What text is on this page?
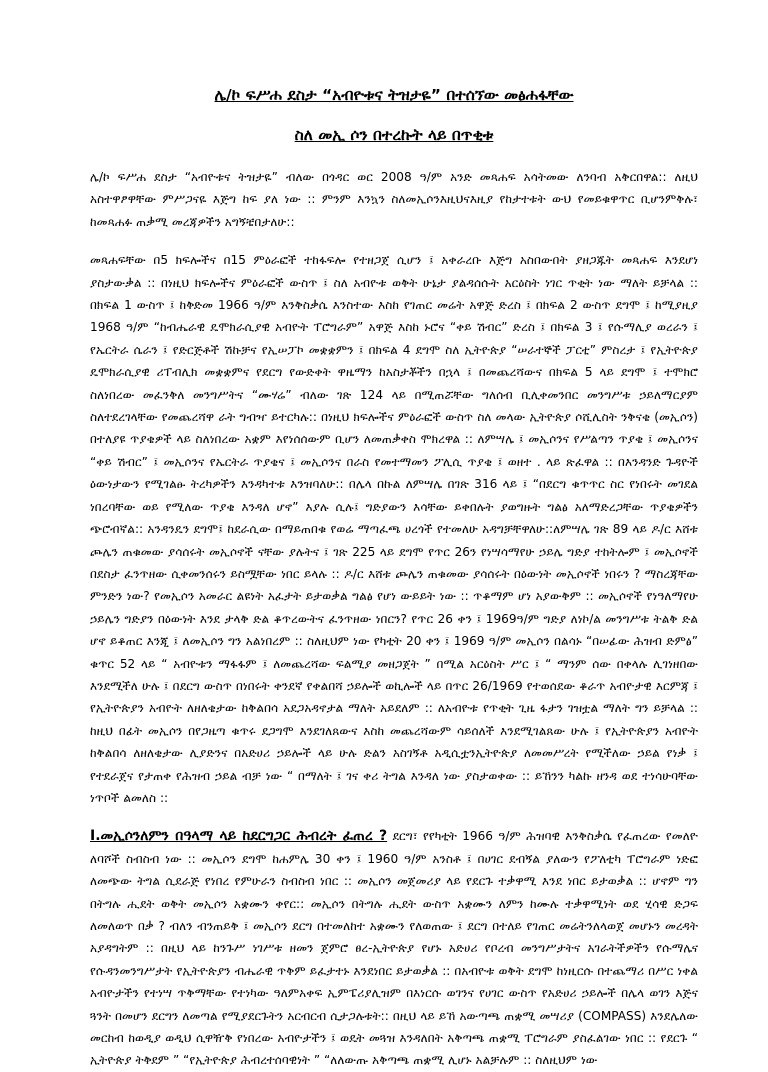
ሌ/ኮ ፍሥሐ ደስታ “አብዮቱና ትዝታዬ” በተሰኘው መፅሐፋቸው
ስለ መኢ ሶን በተረኩት ላይ በጥቂቱ

ሌ/ኮ ፍሥሐ ደስታ “አብዮቱና ትዝታዬ” ብለው በጎዳር ወር 2008 ዓ/ም አንድ መጻሐፍ አሳትመው ለንባብ አቅርበዋል:: ለዚህ አስተዋፆዋቸው ምሥጋናዬ እጅግ ከፍ ያለ ነው :: ምንም እንኳን ስለመኢሶንእዚህናእዚያ የከታተቱት ውህ የመይቁዋጥር ቢሆንምቅሉ፣ ከመጻሐፉ ጠቃሚ መረጃዎችን አግኝቼበታለሁ::

መጻሐፍቸው በ5 ክፍሎችና በ15 ምዕራፎች ተከፋፍሎ የተዘጋጀ ሲሆን ፤ አቀራረቡ እጅግ አስበውበት ያዘጋጁት መጻሐፍ እንደሆነ ያስታውቃል :: በነዚህ ክፍሎችና ምዕራፎች ውስጥ ፤ ስለ አብዮቱ ወቅት ሁኔታ ያልዳሰሱት አርዕስት ነገር ጥቂት ነው ማለት ይቻላል :: በክፍል 1 ውስጥ ፤ ከቅድመ 1966 ዓ/ም እንቅስቃሴ እንስተው እስከ የገጠር መሬት አዋጅ ድረስ ፤ በክፍል 2 ውስጥ ደግሞ ፤ ከሚያዚያ 1968 ዓ/ም “ከብሔራዊ ዴሞክራሲያዊ አብዮት ፐሮግራም” አዋጅ እስከ ኑሮና “ቀይ ሽብር” ድረስ ፤ በክፍል 3 ፤ የሱማሊያ ወረራን ፤ የኤርትራ ሴራን ፤ የድርጅቶች ሽኩቻና የኢሠፓኮ መቋቋምን ፤ በክፍል 4 ደግሞ ስለ ኢትዮጵያ “ሠራተኞች ፓርቲ” ምስረታ ፤ የኢትዮጵያ ዴሞክራሲያዊ ሪፐብሊክ መቋቋምና የደርግ የውድቀት ዋዜማን ከአስታቾችን በኋላ ፤ በመጨረሻውና በክፍል 5 ላይ ደግሞ ፤ ተሞክሮ ስለነበረው መፈንቅለ መንግሥትና “ሙሃሬ” ብለው ገጽ 124 ላይ በሚጠሯቸው ግለሰብ ቢሊቀመንበር መንግሥቱ ኃይለማርያም ስለተደረገላቸው የመጨረሻዋ ራት ግብዣ ይተርካሉ:: በነዚህ ክፍሎችና ምዕራፎች ውስጥ ስለ መላው ኢትዮጵያ ሶሺሊስት ንቅናቄ (መኢሶን) በተለያዩ ጥያቄዎች ላይ ስለነበረው አቋም እየነሰሰውም ቢሆን ለመጠቃቀስ ሞክረዋል :: ለምሣሌ ፤ መኢሶንና የሥልጣን ጥያቄ ፤ መኢሶንና “ቀይ ሽብር” ፤ መኢሶንና የኤርትራ ጥያቄና ፤ መኢሶንና በራስ የመተማመን ፖሊሲ ጥያቄ ፤ ወዘተ . ላይ ጽፈዋል :: በእንዳንድ ጉዳዮች ዕውነታውን የሚገልፁ ትረካዎችን እንዳካተቱ እንዝባለሁ:: በሌላ በኩል ለምሣሌ በገጽ 316 ላይ ፤ “በደርግ ቁጥጥር ስር የነበሩት መገደል ነበረባቸው ወይ የሚለው ጥያቄ እንዳለ ሆኖ” እያሉ ሲሉ፤ ግድያውን እሳቸው ይቀበሉት ያወግዙት ግልፅ አለማድረጋቸው ጥያቄዎችን ጭሮብኛል:: አንዳንዴን ደግሞ፤ ከደራሲው በማይጠበቁ የወሬ ማጣፈጫ ሀረጎች የተመለሁ አዳግቻቸዋለሁ::ለምሣሌ ገጽ 89 ላይ ዶ/ር እሸቱ ጮሌን ጠቁመው ያሳሰሩት መኢሶኖች ናቸው ያሉትና ፤ ገጽ 225 ላይ ደግሞ የጥር 26ን የነሣሳማየሁ ኃይሌ ግድያ ተከትሎም ፤ መኢሶኖች በደስታ ፈንጥዘው ሲቀመንሰሩን ይስሟቸው ነበር ይላሉ :: ዶ/ር እሸቱ ጮሌን ጠቁመው ያሳሰሩት በዕውነት መኢሶኖች ነበሩን ? ማስረጃቸው ምንድን ነው? የመኢሶን አመራር ልዩነት አፈታት ይታወቃል ግልፅ የሆነ ውይይት ነው :: ጥቆማም ሆነ አያውቅም :: መኢሶኖች የነዓለማየሁ ኃይሌን ግድያን በዕውነት እንደ ታላቅ ድል ቆጥረውትና ፈንጥዘው ነበርን? የጥር 26 ቀን ፤ 1969ዓ/ም ግድያ ለነኮ/ል መንግሥቱ ትልቅ ድል ሆኖ ይቆጠር እንጂ ፤ ለመኢሶን ግን አልነበረም :: ስለዚህም ነው የካቲት 20 ቀን ፤ 1969 ዓ/ም መኢሶን በልሳኑ “በሠፊው ሕዝብ ድምፅ” ቁጥር 52 ላይ “ አብዮቱን ማፋፋም ፤ ለመጨረሻው ፍልሚያ መዘጋጀት ” በሚል አርዕስት ሥር ፤ “ ማንም ሰው በቀላሉ ሊገነዘበው እንደሚችለ ሁሉ ፤ በደርግ ውስጥ በነበሩት ቀንደኛ የቀልበሻ ኃይሎች ወኪሎች ላይ በጥር 26/1969 የተወሰደው ቆራጥ አብዮታዊ እርምጃ ፤ የኢትዮጵያን አብዮት ለዘለቄታው ከቅልበሳ አደጋአዳኖታል ማለት አይደለም :: ለአብዮቱ የጥቂት ጊዜ ፋታን ገዝቷል ማለት ግን ይቻላል :: ከዚህ በፊት መኢሶን በየጋዜጣ ቁጥሩ ደጋግሞ እንደገለጸውና እስከ መጨረሻውም ሳይሰለች እንደሚገልጸው ሁሉ ፤ የኢትዮጵያን አብዮት ከቅልበሳ ለዘለቄታው ሊያድንና በአድሀሪ ኃይሎች ላይ ሁሉ ድልን አስገኝቶ አዲሲቷንኢትዮጵያ ለመመሥረት የሚችለው ኃይል የነቃ ፤ የተደራጀና የታጠቀ የሕዝብ ኃይል ብቻ ነው “ በማለት ፤ ገና ቀሪ ትግል እንዳለ ነው ያስታወቀው :: ይኸንን ካልኩ ዘንዳ ወደ ተነሳሁባቸው ነጥቦች ልመለስ ::

I.መኢሶንለምን በዓላማ ላይ ከደርግጋር ሕብረት ፈጠረ ? ደርግ፣ የየካቲት 1966 ዓ/ም ሕዝባዊ እንቅስቃሴ የፈጠረው የመለዮ ለባሾች ስብስብ ነው :: መኢሶን ደግሞ ከሐምሌ 30 ቀን ፤ 1960 ዓ/ም አንስቶ ፤ በሀገር ደብኝል ያለውን የፖለቲካ ፐሮግራም ነድፎ ለመጭው ትግል ሲደራጅ የነበረ የምሁራን ስብስብ ነበር :: መኢሶን መጀመሪያ ላይ የደርጉ ተቃዋሚ እንደ ነበር ይታወቃል :: ሆኖም ግን በትግሉ ሒደት ወቅት መኢሶን አቋሙን ቀየር:: መኢሶን በትግሉ ሒደት ውስጥ አቋሙን ለምን ከሙሉ ተቃዋሚነት ወደ ሂሳዊ ድጋፍ ለመለወጥ በቃ ? ብለን ብንጠይቅ ፤ መኢሶን ደርግ በተመለከተ አቋሙን የለወጠው ፤ ደርግ በተለይ የገጠር መሬትንለላወጀ መሆኑን መረዳት አያዳግትም :: በዚህ ላይ ከንጉሥ ነገሥቱ ዘመን ጀምሮ ፀረ-ኢትዮጵያ የሆኑ አድሀሪ የቦረብ መንግሥታትና አገራትችዎችን የሱማሌና የሱዳንመንግሥታት የኢትዮጵያን ብሔራዊ ጥቅም ይፈታተኑ እንደነበር ይታወቃል :: በአብዮቱ ወቅት ደግሞ ከነዚርሱ በተጨማሪ በሥር ነቀል አብዮታችን የተነሣ ጥቅማቸው የተነካው ዓለምአቀፍ ኢምፔሪያሊዝም በእነርሱ ወገንና የሀገር ውስጥ የአድሀሪ ኃይሎች በሌላ ወገን እጅና ጓንት በመሆን ደርግን ለመጣል የሚያደርጉትን አርብርብ ሲታጋሉቱት:: በዚህ ላይ ይኸ አውጣጫ ጠቋሚ መሣሪያ (COMPASS) እንደሌለው መርከብ ከወዲያ ወዲህ ሲዋዥቅ የነበረው አብዮታችን ፤ ወዴት መጓዝ እንዳለበት አቅጣጫ ጠቋሚ ፐሮግራም ያስፈልገው ነበር :: የደርጉ “ ኢትዮጵያ ትቅደም ” “የኢትዮጵያ ሕብረተሰባዊነት ” “ለለውጡ አቅጣጫ ጠቋሚ ሊሆኑ አልቻሉም :: ስለዚህም ነው
